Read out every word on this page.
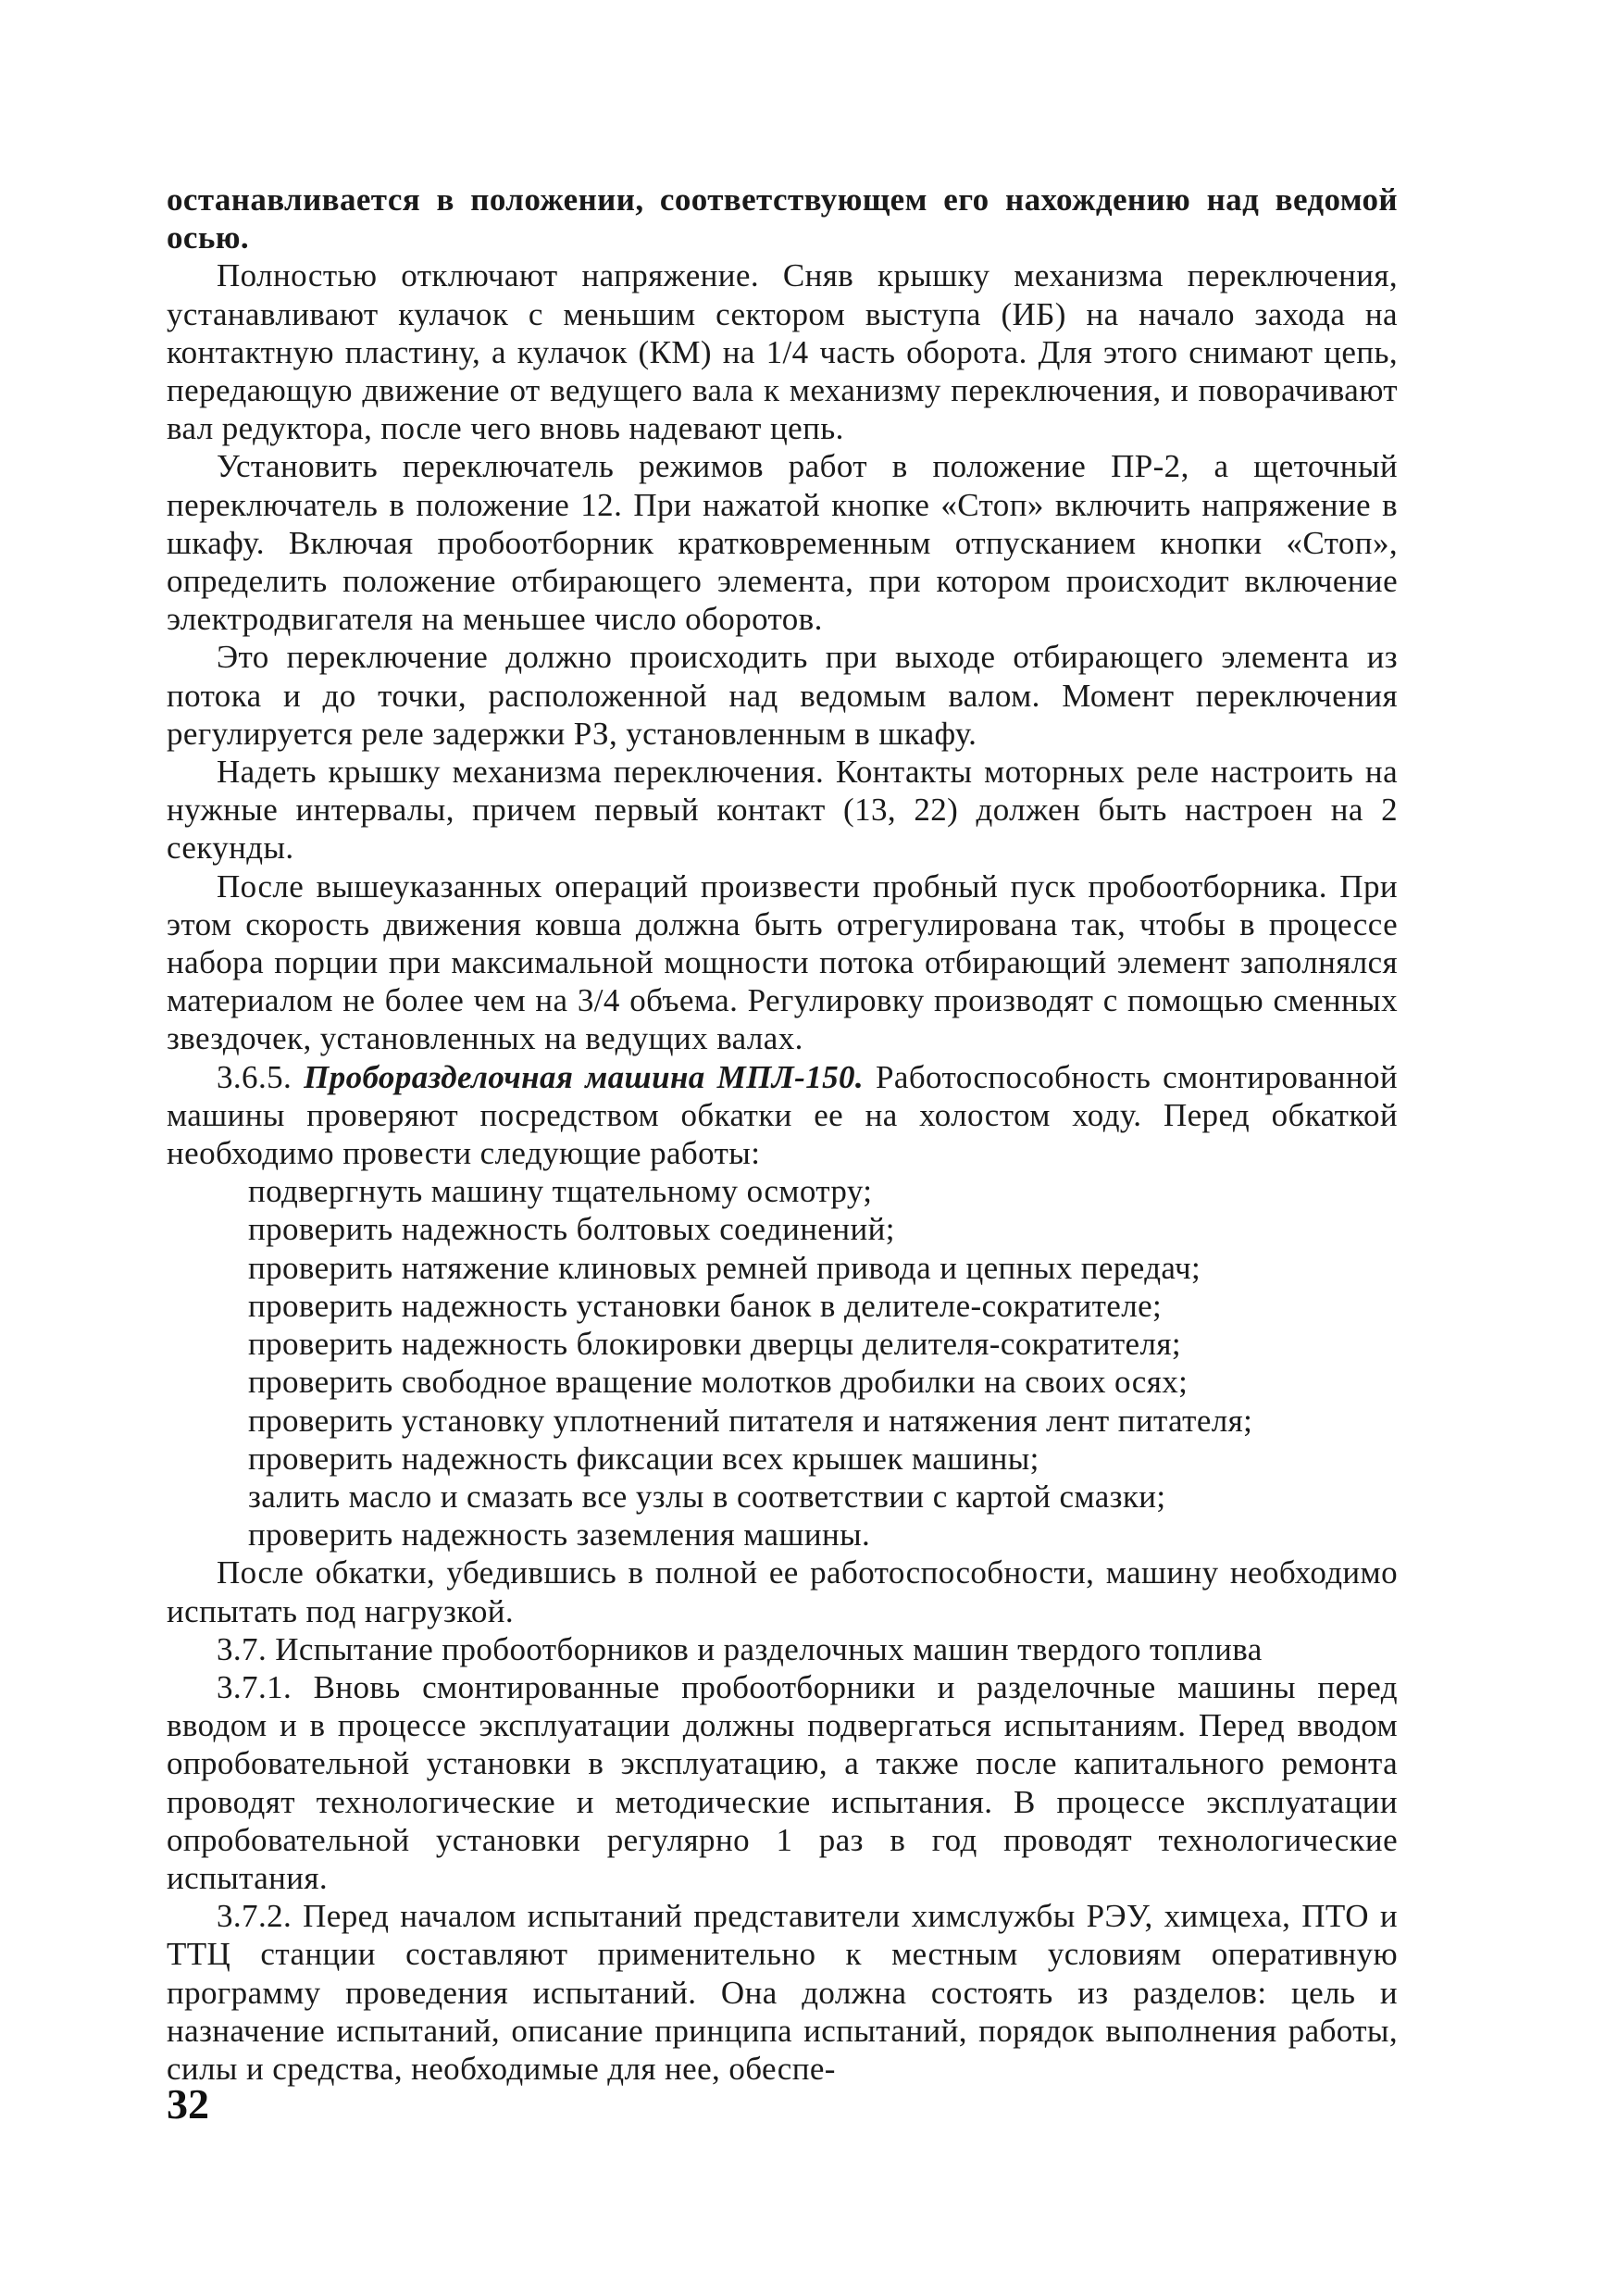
останавливается в положении, соответствующем его нахождению над ведомой осью.

Полностью отключают напряжение. Сняв крышку механизма переключения, устанавливают кулачок с меньшим сектором выступа (ИБ) на начало захода на контактную пластину, а кулачок (КМ) на 1/4 часть оборота. Для этого снимают цепь, передающую движение от ведущего вала к механизму переключения, и поворачивают вал редуктора, после чего вновь надевают цепь.

Установить переключатель режимов работ в положение ПР-2, а щеточный переключатель в положение 12. При нажатой кнопке «Стоп» включить напряжение в шкафу. Включая пробоотборник кратковременным отпусканием кнопки «Стоп», определить положение отбирающего элемента, при котором происходит включение электродвигателя на меньшее число оборотов.

Это переключение должно происходить при выходе отбирающего элемента из потока и до точки, расположенной над ведомым валом. Момент переключения регулируется реле задержки РЗ, установленным в шкафу.

Надеть крышку механизма переключения. Контакты моторных реле настроить на нужные интервалы, причем первый контакт (13, 22) должен быть настроен на 2 секунды.

После вышеуказанных операций произвести пробный пуск пробоотборника. При этом скорость движения ковша должна быть отрегулирована так, чтобы в процессе набора порции при максимальной мощности потока отбирающий элемент заполнялся материалом не более чем на 3/4 объема. Регулировку производят с помощью сменных звездочек, установленных на ведущих валах.

3.6.5. Проборазделочная машина МПЛ-150. Работоспособность смонтированной машины проверяют посредством обкатки ее на холостом ходу. Перед обкаткой необходимо провести следующие работы:

подвергнуть машину тщательному осмотру;
проверить надежность болтовых соединений;
проверить натяжение клиновых ремней привода и цепных передач;
проверить надежность установки банок в делителе-сократителе;
проверить надежность блокировки дверцы делителя-сократителя;
проверить свободное вращение молотков дробилки на своих осях;
проверить установку уплотнений питателя и натяжения лент питателя;
проверить надежность фиксации всех крышек машины;
залить масло и смазать все узлы в соответствии с картой смазки;
проверить надежность заземления машины.

После обкатки, убедившись в полной ее работоспособности, машину необходимо испытать под нагрузкой.

3.7. Испытание пробоотборников и разделочных машин твердого топлива

3.7.1. Вновь смонтированные пробоотборники и разделочные машины перед вводом и в процессе эксплуатации должны подвергаться испытаниям. Перед вводом опробовательной установки в эксплуатацию, а также после капитального ремонта проводят технологические и методические испытания. В процессе эксплуатации опробовательной установки регулярно 1 раз в год проводят технологические испытания.

3.7.2. Перед началом испытаний представители химслужбы РЭУ, химцеха, ПТО и ТТЦ станции составляют применительно к местным условиям оперативную программу проведения испытаний. Она должна состоять из разделов: цель и назначение испытаний, описание принципа испытаний, порядок выполнения работы, силы и средства, необходимые для нее, обеспе-

32
